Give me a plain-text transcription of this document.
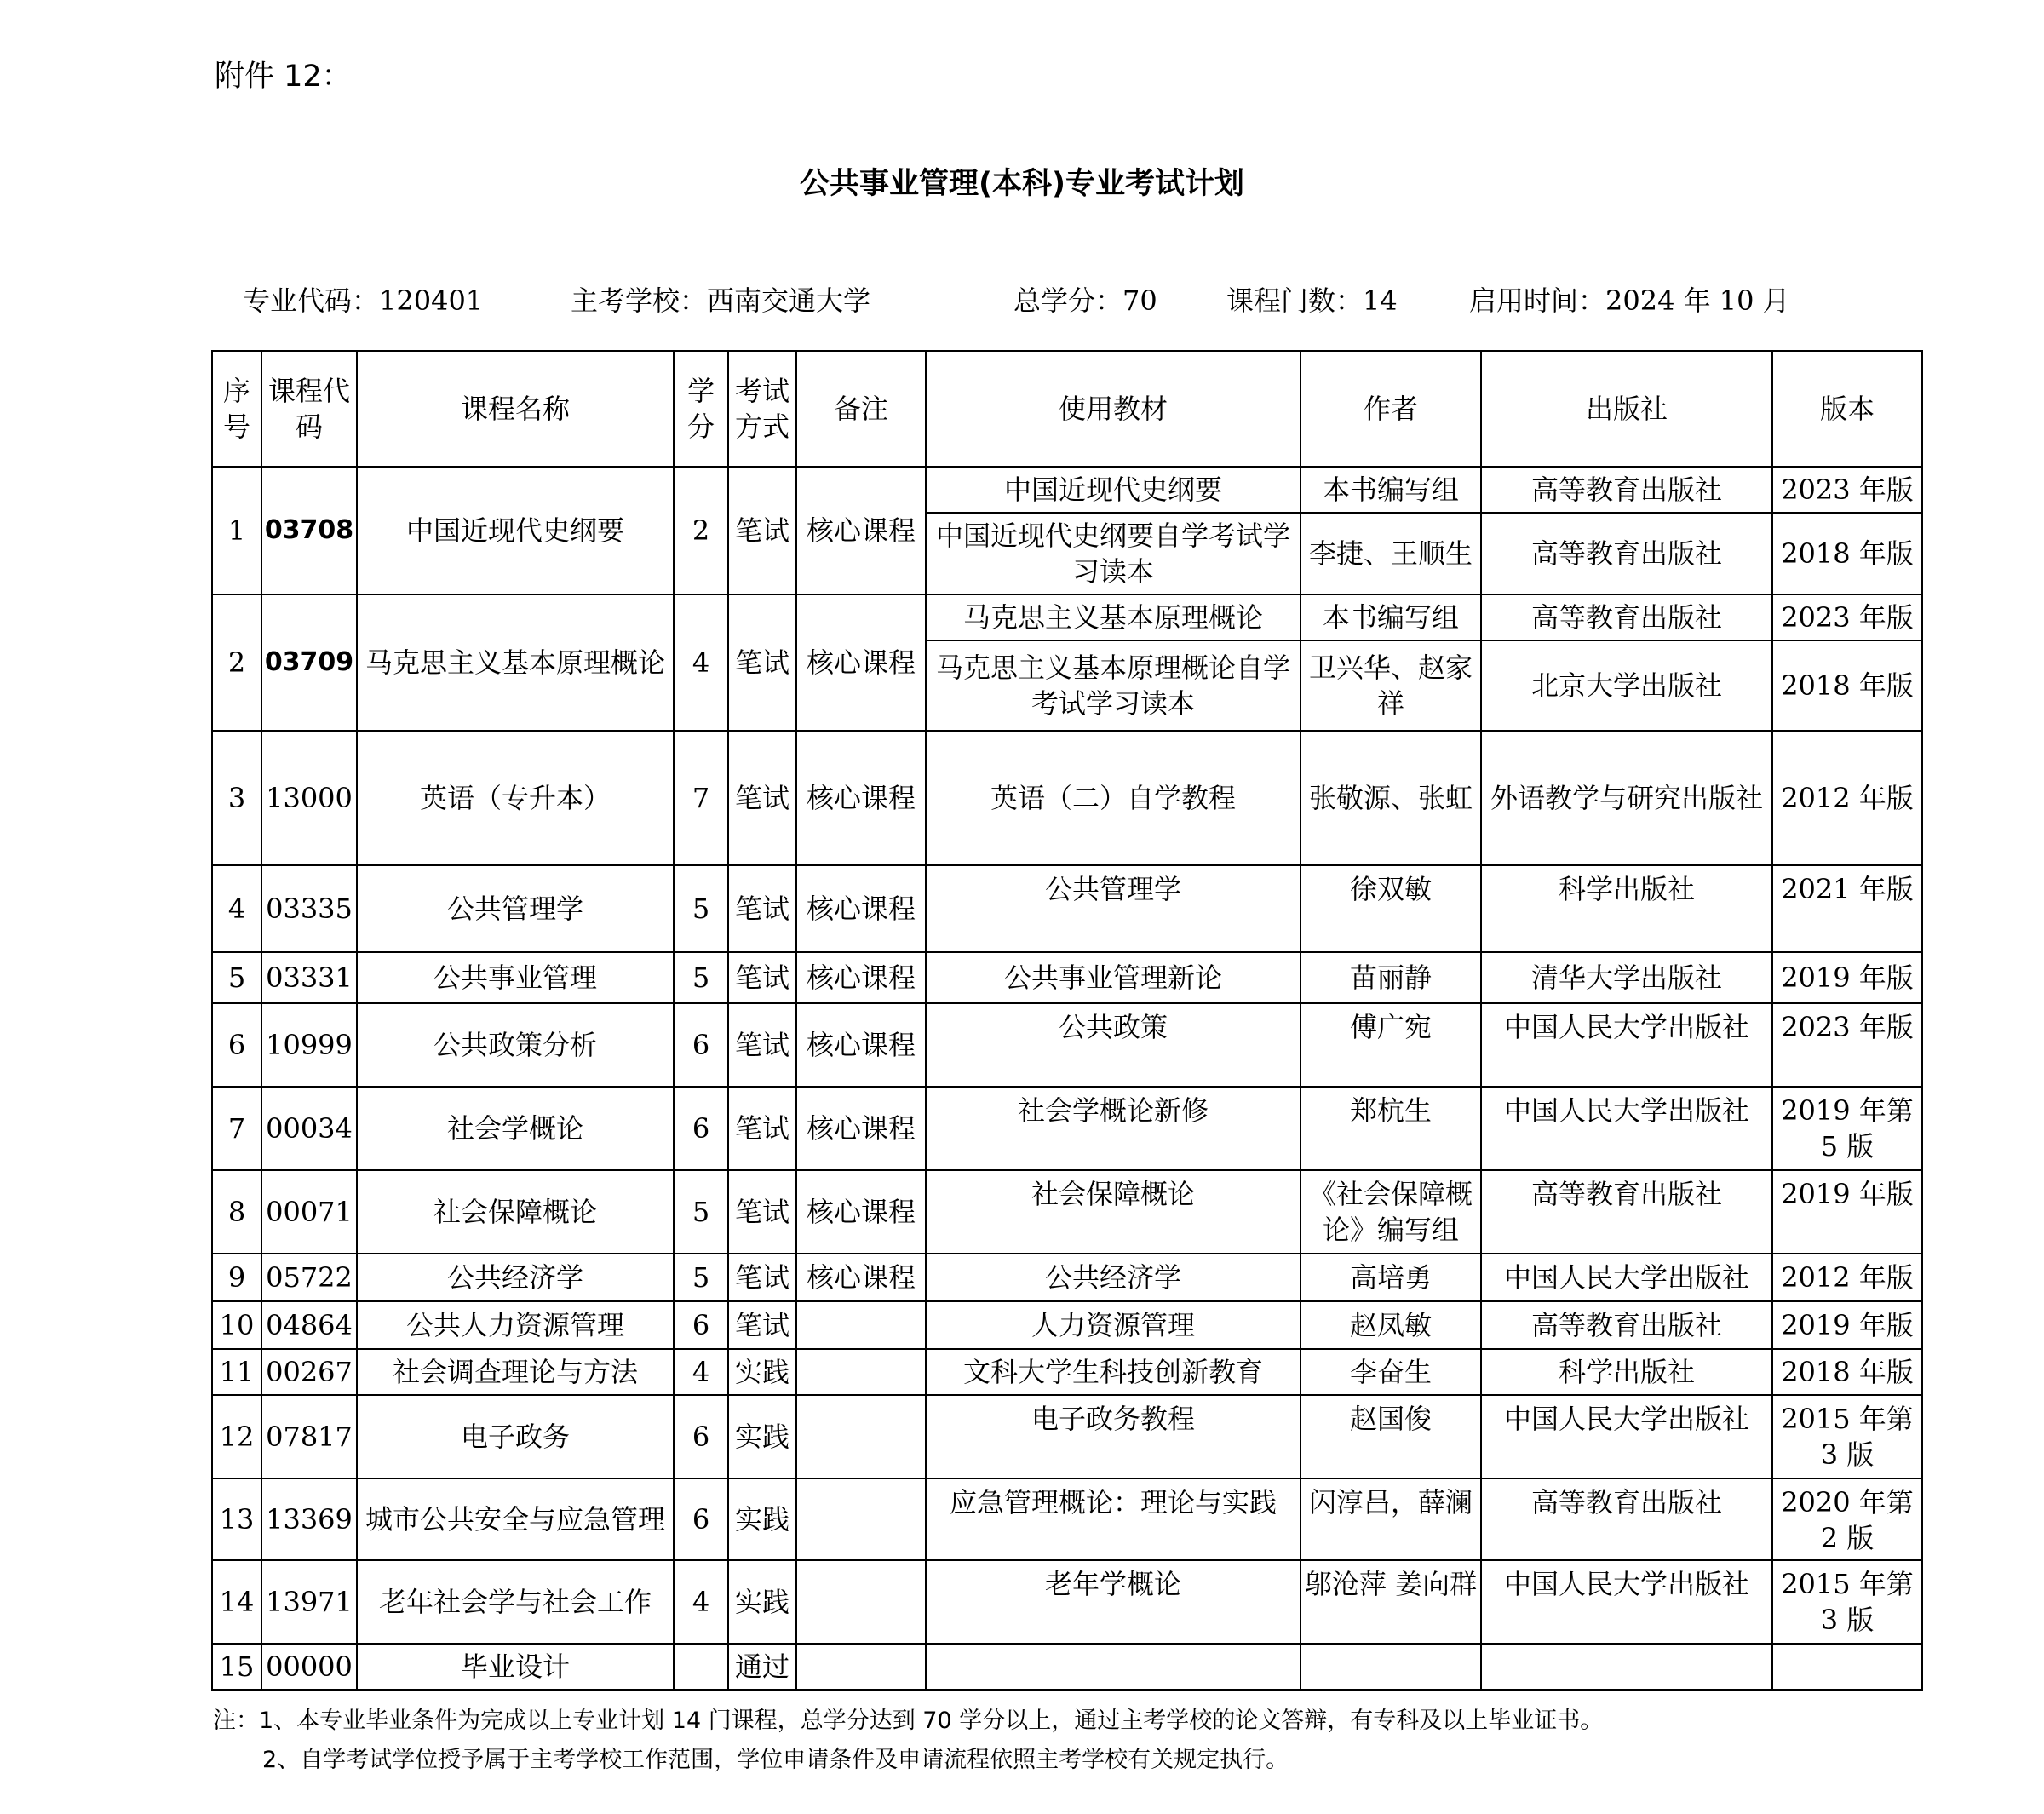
附件 12：
公共事业管理(本科)专业考试计划
专业代码：120401	主考学校：西南交通大学	总学分：70	课程门数：14	启用时间：2024 年 10 月
序号	课程代码	课程名称	学分	考试方式	备注	使用教材	作者	出版社	版本
1	03708	中国近现代史纲要	2	笔试	核心课程	中国近现代史纲要	本书编写组	高等教育出版社	2023 年版
						中国近现代史纲要自学考试学习读本	李捷、王顺生	高等教育出版社	2018 年版
2	03709	马克思主义基本原理概论	4	笔试	核心课程	马克思主义基本原理概论	本书编写组	高等教育出版社	2023 年版
						马克思主义基本原理概论自学考试学习读本	卫兴华、赵家祥	北京大学出版社	2018 年版
3	13000	英语（专升本）	7	笔试	核心课程	英语（二）自学教程	张敬源、张虹	外语教学与研究出版社	2012 年版
4	03335	公共管理学	5	笔试	核心课程	公共管理学	徐双敏	科学出版社	2021 年版
5	03331	公共事业管理	5	笔试	核心课程	公共事业管理新论	苗丽静	清华大学出版社	2019 年版
6	10999	公共政策分析	6	笔试	核心课程	公共政策	傅广宛	中国人民大学出版社	2023 年版
7	00034	社会学概论	6	笔试	核心课程	社会学概论新修	郑杭生	中国人民大学出版社	2019 年第 5 版
8	00071	社会保障概论	5	笔试	核心课程	社会保障概论	《社会保障概论》编写组	高等教育出版社	2019 年版
9	05722	公共经济学	5	笔试	核心课程	公共经济学	高培勇	中国人民大学出版社	2012 年版
10	04864	公共人力资源管理	6	笔试		人力资源管理	赵凤敏	高等教育出版社	2019 年版
11	00267	社会调查理论与方法	4	实践		文科大学生科技创新教育	李奋生	科学出版社	2018 年版
12	07817	电子政务	6	实践		电子政务教程	赵国俊	中国人民大学出版社	2015 年第 3 版
13	13369	城市公共安全与应急管理	6	实践		应急管理概论：理论与实践	闪淳昌，薛澜	高等教育出版社	2020 年第 2 版
14	13971	老年社会学与社会工作	4	实践		老年学概论	邬沧萍 姜向群	中国人民大学出版社	2015 年第 3 版
15	00000	毕业设计		通过					
注：1、本专业毕业条件为完成以上专业计划 14 门课程，总学分达到 70 学分以上，通过主考学校的论文答辩，有专科及以上毕业证书。
2、自学考试学位授予属于主考学校工作范围，学位申请条件及申请流程依照主考学校有关规定执行。
